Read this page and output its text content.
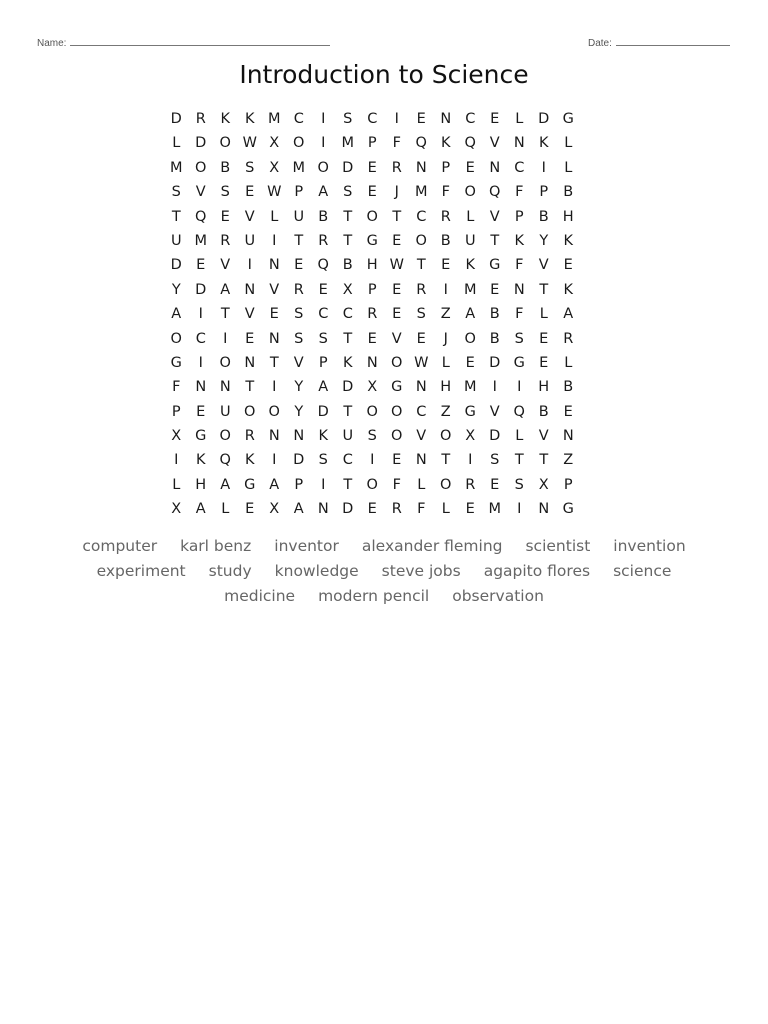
Name:	Date:
Introduction to Science
D R	K	K M C	I	S	C	I	E N C	E	L	D G
L	D O W X O	I	M P	F	Q K Q V N K	L
M O B	S	X M O D E	R N	P	E N C	I	L
S	V	S	E W P	A	S	E	J	M F	O Q	F	P	B
T Q E	V	L	U B	T O T	C R	L	V	P	B H
U M R U	I	T	R	T G E O B U	T	K	Y	K
D E	V	I	N E Q B H W T	E	K G	F	V	E
Y D A N V	R	E	X	P	E	R	I	M E N	T	K
A	I	T	V	E	S	C C R	E	S	Z	A	B	F	L	A
O C	I	E N S	S	T	E	V	E	J	O B	S	E	R
G	I	O N	T	V	P	K N O W L	E D G E	L
F	N N	T	I	Y	A D X G N H M	I	I	H B
P	E	U O O Y D T O O C Z G V Q B	E
X G O R N N K U	S O V O X D	L	V N
I	K Q K	I	D S	C	I	E N	T	I	S	T	T	Z
L	H A G A	P	I	T O	F	L	O R	E	S	X	P
X	A	L	E	X	A N D E	R	F	L	E M	I	N G
computer	karl benz	inventor	alexander fleming	scientist	invention
experiment	study	knowledge	steve jobs	agapito flores	science
medicine	modern pencil	observation
